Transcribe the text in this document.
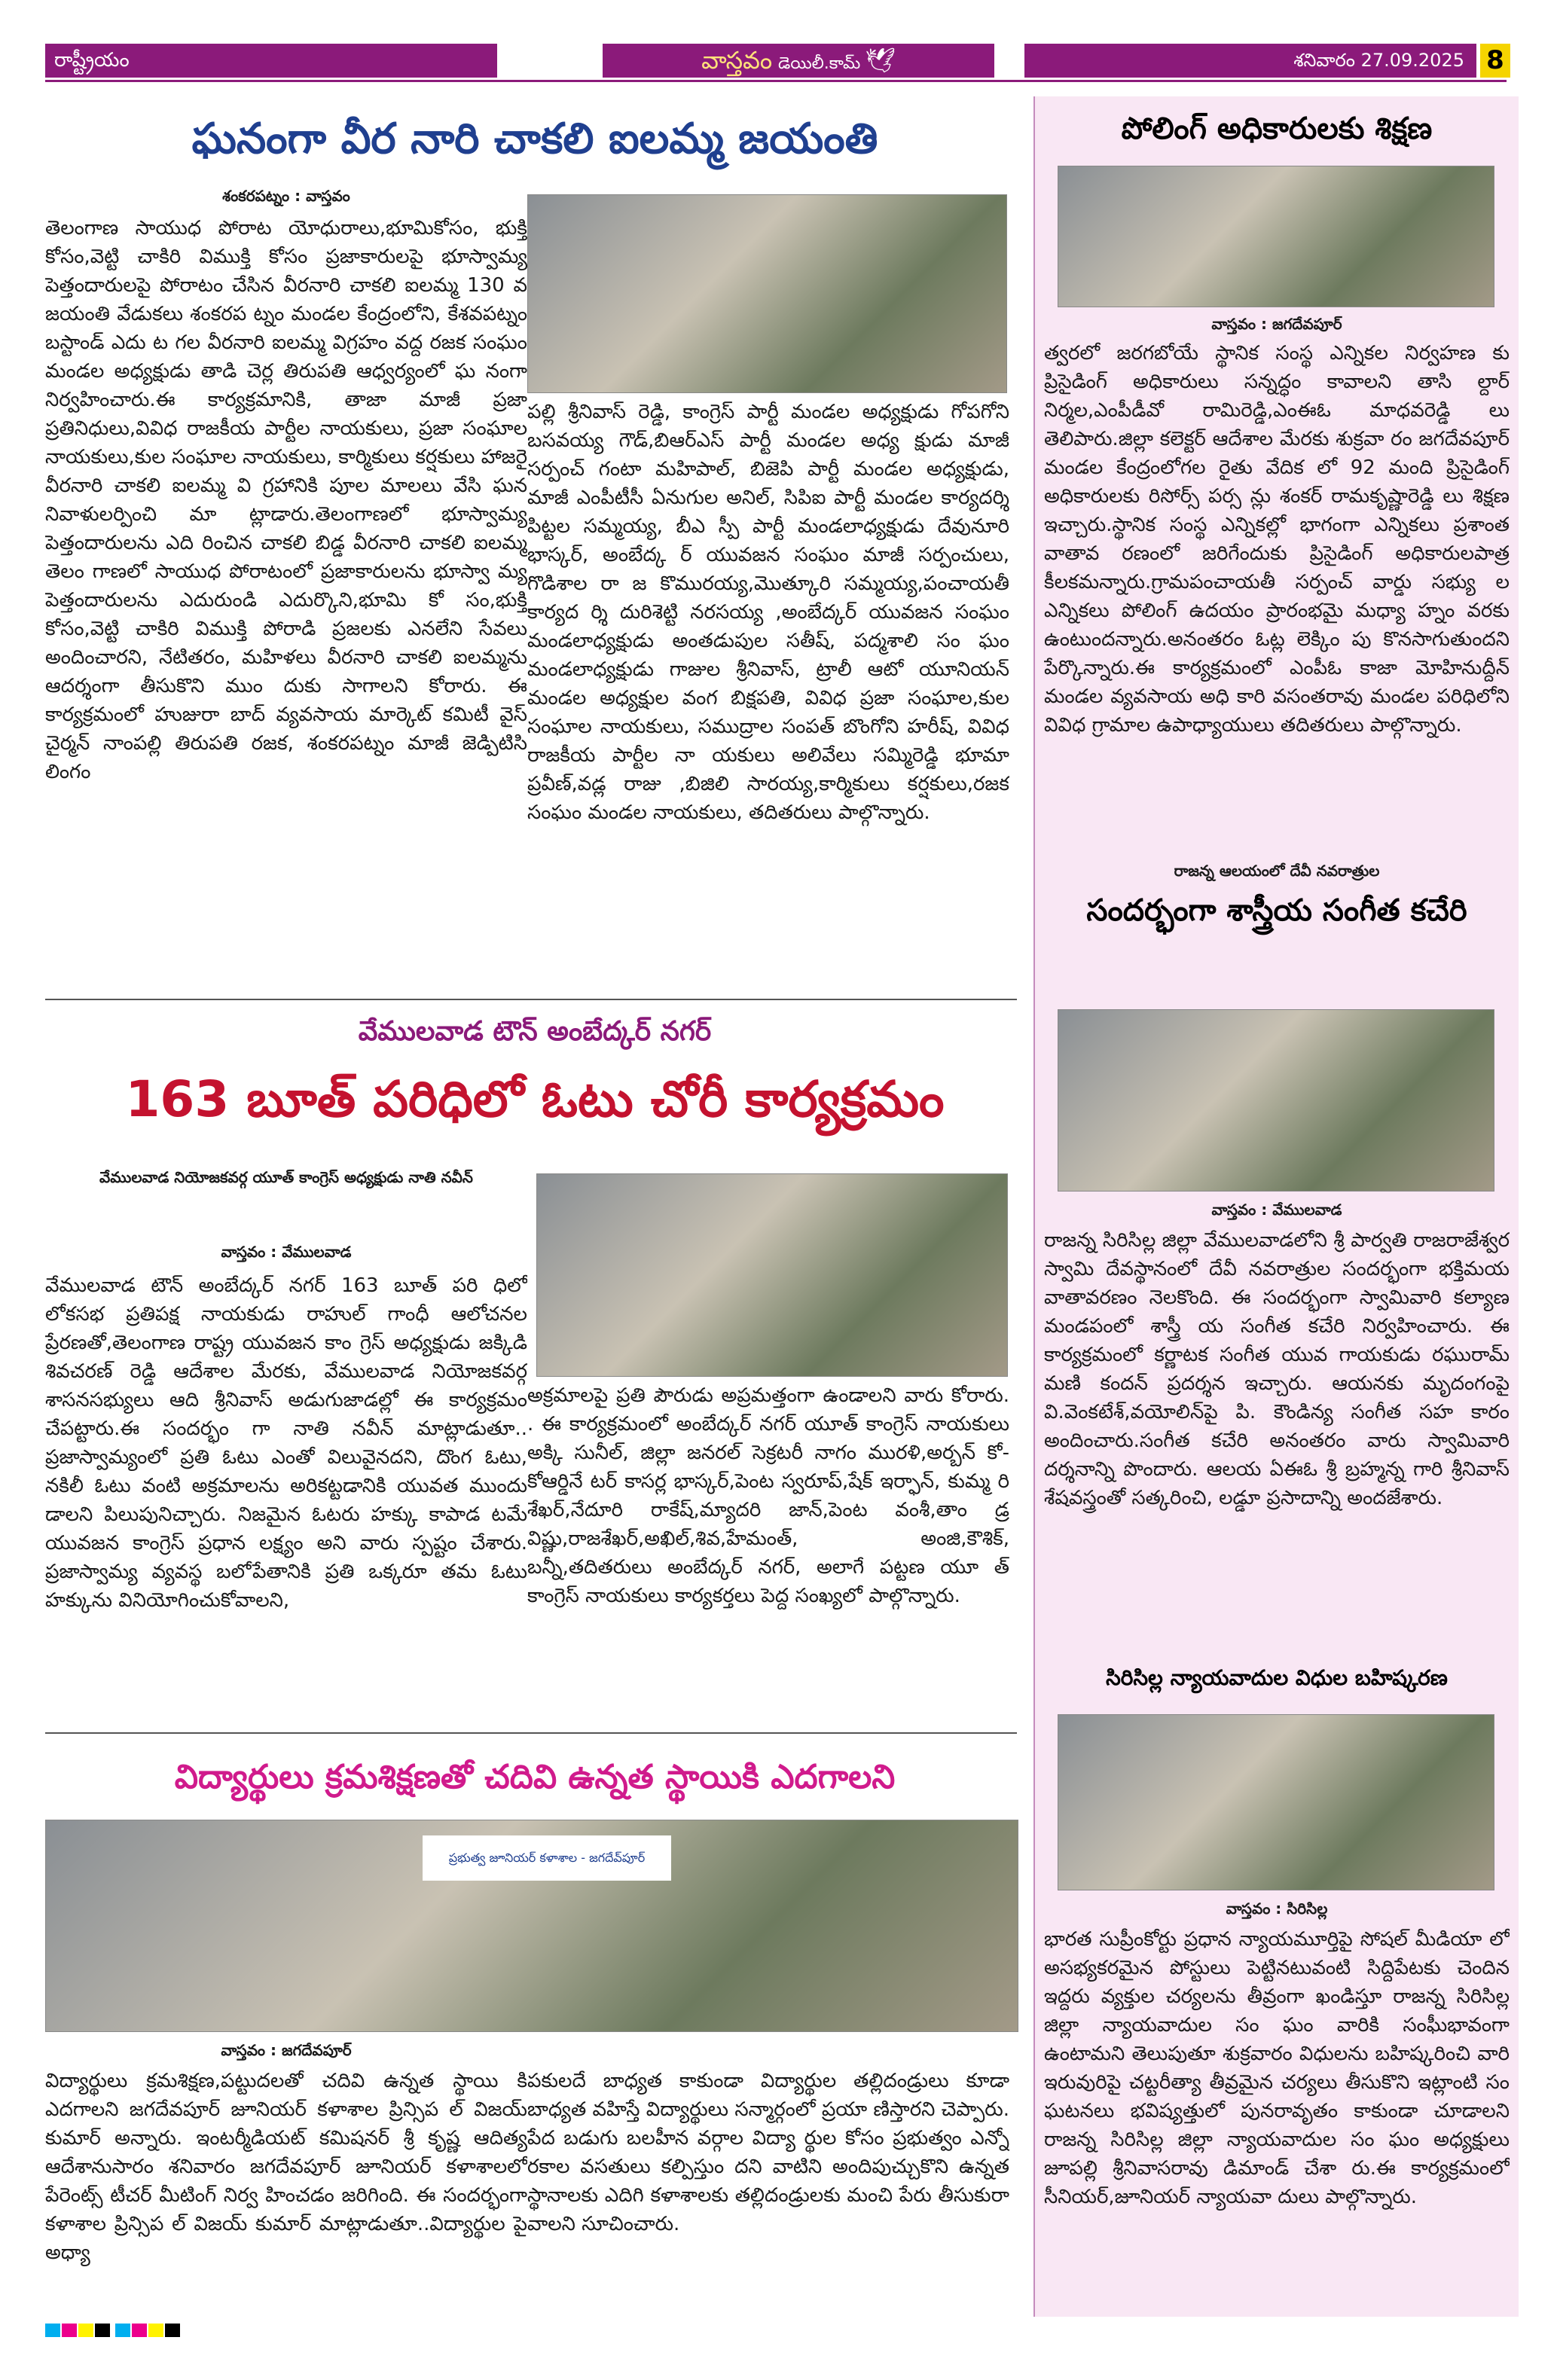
రాష్ట్రీయం	వాస్తవం డెయిలీ.కామ్ 🕊	శనివారం 27.09.2025 8
ఘనంగా వీర నారి చాకలి ఐలమ్మ జయంతి
శంకరపట్నం : వాస్తవం
తెలంగాణ సాయుధ పోరాట యోధురాలు,భూమికోసం, భుక్తి కోసం,వెట్టి చాకిరి విముక్తి కోసం ప్రజాకారులపై భూస్వామ్య పెత్తందారులపై పోరాటం చేసిన వీరనారి చాకలి ఐలమ్మ 130 వ జయంతి వేడుకలు శంకరప ట్నం మండల కేంద్రంలోని, కేశవపట్నం బస్టాండ్ ఎదు ట గల వీరనారి ఐలమ్మ విగ్రహం వద్ద రజక సంఘం మండల అధ్యక్షుడు తాడి చెర్ల తిరుపతి ఆధ్వర్యంలో ఘ నంగా నిర్వహించారు.ఈ కార్యక్రమానికి, తాజా మాజీ ప్రజా ప్రతినిధులు,వివిధ రాజకీయ పార్టీల నాయకులు, ప్రజా సంఘాల నాయకులు,కుల సంఘాల నాయకులు, కార్మికులు కర్షకులు హాజరై వీరనారి చాకలి ఐలమ్మ వి గ్రహానికి పూల మాలలు వేసి ఘన నివాళులర్పించి మా ట్లాడారు.తెలంగాణలో భూస్వామ్య పెత్తందారులను ఎది రించిన చాకలి బిడ్డ వీరనారి చాకలి ఐలమ్మ తెలం గాణలో సాయుధ పోరాటంలో ప్రజాకారులను భూస్వా మ్య పెత్తందారులను ఎదురుండి ఎదుర్కొని,భూమి కో సం,భుక్తి కోసం,వెట్టి చాకిరి విముక్తి పోరాడి ప్రజలకు ఎనలేని సేవలు అందించారని, నేటితరం, మహిళలు వీరనారి చాకలి ఐలమ్మను ఆదర్శంగా తీసుకొని ముం దుకు సాగాలని కోరారు. ఈ కార్యక్రమంలో హుజురా బాద్ వ్యవసాయ మార్కెట్ కమిటీ వైస్ చైర్మన్ నాంపల్లి తిరుపతి రజక, శంకరపట్నం మాజీ జెడ్పిటిసి లింగం
పల్లి శ్రీనివాస్ రెడ్డి, కాంగ్రెస్ పార్టీ మండల అధ్యక్షుడు గోపగోని బసవయ్య గౌడ్,బిఆర్ఎస్ పార్టీ మండల అధ్య క్షుడు మాజీ సర్పంచ్ గంటా మహిపాల్, బిజెపి పార్టీ మండల అధ్యక్షుడు, మాజీ ఎంపీటీసీ ఏనుగుల అనిల్, సిపిఐ పార్టీ మండల కార్యదర్శి పిట్టల సమ్మయ్య, బీఎ స్పీ పార్టీ మండలాధ్యక్షుడు దేవునూరి భాస్కర్, అంబేద్క ర్ యువజన సంఘం మాజీ సర్పంచులు, గొడిశాల రా జ కొమురయ్య,మొత్కూరి సమ్మయ్య,పంచాయతీ కార్యద ర్శి దురిశెట్టి నరసయ్య ,అంబేద్కర్ యువజన సంఘం మండలాధ్యక్షుడు అంతడుపుల సతీష్, పద్మశాలి సం ఘం మండలాధ్యక్షుడు గాజుల శ్రీనివాస్, ట్రాలీ ఆటో యూనియన్ మండల అధ్యక్షుల వంగ బిక్షపతి, వివిధ ప్రజా సంఘాల,కుల సంఘాల నాయకులు, సముద్రాల సంపత్ బొంగోని హరీష్, వివిధ రాజకీయ పార్టీల నా యకులు అలివేలు సమ్మిరెడ్డి భూమా ప్రవీణ్,వడ్ల రాజు ,బిజిలి సారయ్య,కార్మికులు కర్షకులు,రజక సంఘం మండల నాయకులు, తదితరులు పాల్గొన్నారు.
వేములవాడ టౌన్ అంబేద్కర్ నగర్
163 బూత్ పరిధిలో ఓటు చోరీ కార్యక్రమం
వేములవాడ నియోజకవర్గ యూత్ కాంగ్రెస్ అధ్యక్షుడు నాతి నవీన్
వాస్తవం : వేములవాడ
వేములవాడ టౌన్ అంబేద్కర్ నగర్ 163 బూత్ పరి ధిలో లోకసభ ప్రతిపక్ష నాయకుడు రాహుల్ గాంధీ ఆలోచనల ప్రేరణతో,తెలంగాణ రాష్ట్ర యువజన కాం గ్రెస్ అధ్యక్షుడు జక్కిడి శివచరణ్ రెడ్డి ఆదేశాల మేరకు, వేములవాడ నియోజకవర్గ శాసనసభ్యులు ఆది శ్రీనివాస్ అడుగుజాడల్లో ఈ కార్యక్రమం చేపట్టారు.ఈ సందర్భం గా నాతి నవీన్ మాట్లాడుతూ.. ప్రజాస్వామ్యంలో ప్రతి ఓటు ఎంతో విలువైనదని, దొంగ ఓటు, నకిలీ ఓటు వంటి అక్రమాలను అరికట్టడానికి యువత ముందు డాలని పిలుపునిచ్చారు. నిజమైన ఓటరు హక్కు కాపాడ టమే యువజన కాంగ్రెస్ ప్రధాన లక్ష్యం అని వారు స్పష్టం చేశారు. ప్రజాస్వామ్య వ్యవస్థ బలోపేతానికి ప్రతి ఒక్కరూ తమ ఓటు హక్కును వినియోగించుకోవాలని,
అక్రమాలపై ప్రతి పౌరుడు అప్రమత్తంగా ఉండాలని వారు కోరారు. . ఈ కార్యక్రమంలో అంబేద్కర్ నగర్ యూత్ కాంగ్రెస్ నాయకులు అక్కి సునీల్, జిల్లా జనరల్ సెక్రటరీ నాగం మురళి,అర్బన్ కో- కోఆర్డినే టర్ కాసర్ల భాస్కర్,పెంట స్వరూప్,షేక్ ఇర్ఫాన్, కుమ్మ రి శేఖర్,నేదూరి రాకేష్,మ్యాదరి జాన్,పెంట వంశీ,తాం డ్ర విష్ణు,రాజశేఖర్,అఖిల్,శివ,హేమంత్, అంజి,కౌశిక్, బన్నీ,తదితరులు అంబేద్కర్ నగర్, అలాగే పట్టణ యూ త్ కాంగ్రెస్ నాయకులు కార్యకర్తలు పెద్ద సంఖ్యలో పాల్గొన్నారు.
విద్యార్థులు క్రమశిక్షణతో చదివి ఉన్నత స్థాయికి ఎదగాలని
ప్రభుత్వ జూనియర్ కళాశాల - జగదేవ్‌పూర్
వాస్తవం : జగదేవపూర్
విద్యార్థులు క్రమశిక్షణ,పట్టుదలతో చదివి ఉన్నత స్థాయి కి ఎదగాలని జగదేవపూర్ జూనియర్ కళాశాల ప్రిన్సిప ల్ విజయ్ కుమార్ అన్నారు. ఇంటర్మీడియట్ కమిషనర్ శ్రీ కృష్ణ ఆదిత్య ఆదేశానుసారం శనివారం జగదేవపూర్ జూనియర్ కళాశాలలో పేరెంట్స్ టీచర్ మీటింగ్ నిర్వ హించడం జరిగింది. ఈ సందర్భంగా కళాశాల ప్రిన్సిప ల్ విజయ్ కుమార్ మాట్లాడుతూ..విద్యార్థుల పై అధ్యా
పకులదే బాధ్యత కాకుండా విద్యార్థుల తల్లిదండ్రులు కూడా బాధ్యత వహిస్తే విద్యార్థులు సన్మార్గంలో ప్రయా ణిస్తారని చెప్పారు. పేద బడుగు బలహీన వర్గాల విద్యా ర్థుల కోసం ప్రభుత్వం ఎన్నో రకాల వసతులు కల్పిస్తుం దని వాటిని అందిపుచ్చుకొని ఉన్నత స్థానాలకు ఎదిగి కళాశాలకు తల్లిదండ్రులకు మంచి పేరు తీసుకురా వాలని సూచించారు.
పోలింగ్ అధికారులకు శిక్షణ
వాస్తవం : జగదేవపూర్
త్వరలో జరగబోయే స్థానిక సంస్థ ఎన్నికల నిర్వహణ కు ప్రిసైడింగ్ అధికారులు సన్నద్ధం కావాలని తాసి ల్దార్ నిర్మల,ఎంపీడీవో రామిరెడ్డి,ఎంఈఓ మాధవరెడ్డి లు తెలిపారు.జిల్లా కలెక్టర్ ఆదేశాల మేరకు శుక్రవా రం జగదేవపూర్ మండల కేంద్రంలోగల రైతు వేదిక లో 92 మంది ప్రిసైడింగ్ అధికారులకు రిసోర్స్ పర్స న్లు శంకర్ రామకృష్ణారెడ్డి లు శిక్షణ ఇచ్చారు.స్థానిక సంస్థ ఎన్నికల్లో భాగంగా ఎన్నికలు ప్రశాంత వాతావ రణంలో జరిగేందుకు ప్రిసైడింగ్ అధికారులపాత్ర కీలకమన్నారు.గ్రామపంచాయతీ సర్పంచ్ వార్డు సభ్యు ల ఎన్నికలు పోలింగ్ ఉదయం ప్రారంభమై మధ్యా హ్నం వరకు ఉంటుందన్నారు.అనంతరం ఓట్ల లెక్కిం పు కొనసాగుతుందని పేర్కొన్నారు.ఈ కార్యక్రమంలో ఎంపీఓ కాజా మోహినుద్దీన్ మండల వ్యవసాయ అధి కారి వసంతరావు మండల పరిధిలోని వివిధ గ్రామాల ఉపాధ్యాయులు తదితరులు పాల్గొన్నారు.
రాజన్న ఆలయంలో దేవీ నవరాత్రుల
సందర్భంగా శాస్త్రీయ సంగీత కచేరి
వాస్తవం : వేములవాడ
రాజన్న సిరిసిల్ల జిల్లా వేములవాడలోని శ్రీ పార్వతి రాజరాజేశ్వర స్వామి దేవస్థానంలో దేవీ నవరాత్రుల సందర్భంగా భక్తిమయ వాతావరణం నెలకొంది. ఈ సందర్భంగా స్వామివారి కల్యాణ మండపంలో శాస్త్రీ య సంగీత కచేరి నిర్వహించారు. ఈ కార్యక్రమంలో కర్ణాటక సంగీత యువ గాయకుడు రఘురామ్ మణి కందన్ ప్రదర్శన ఇచ్చారు. ఆయనకు మృదంగంపై వి.వెంకటేశ్,వయోలిన్‌పై పి. కౌండిన్య సంగీత సహ కారం అందించారు.సంగీత కచేరి అనంతరం వారు స్వామివారి దర్శనాన్ని పొందారు. ఆలయ ఏఈఓ శ్రీ బ్రహ్మన్న గారి శ్రీనివాస్ శేషవస్త్రంతో సత్కరించి, లడ్డూ ప్రసాదాన్ని అందజేశారు.
సిరిసిల్ల న్యాయవాదుల విధుల బహిష్కరణ
వాస్తవం : సిరిసిల్ల
భారత సుప్రీంకోర్టు ప్రధాన న్యాయమూర్తిపై సోషల్ మీడియా లో అసభ్యకరమైన పోస్టులు పెట్టినటువంటి సిద్దిపేటకు చెందిన ఇద్దరు వ్యక్తుల చర్యలను తీవ్రంగా ఖండిస్తూ రాజన్న సిరిసిల్ల జిల్లా న్యాయవాదుల సం ఘం వారికి సంఘీభావంగా ఉంటామని తెలుపుతూ శుక్రవారం విధులను బహిష్కరించి వారి ఇరువురిపై చట్టరీత్యా తీవ్రమైన చర్యలు తీసుకొని ఇట్లాంటి సం ఘటనలు భవిష్యత్తులో పునరావృతం కాకుండా చూడాలని రాజన్న సిరిసిల్ల జిల్లా న్యాయవాదుల సం ఘం అధ్యక్షులు జూపల్లి శ్రీనివాసరావు డిమాండ్ చేశా రు.ఈ కార్యక్రమంలో సీనియర్,జూనియర్ న్యాయవా దులు పాల్గొన్నారు.
